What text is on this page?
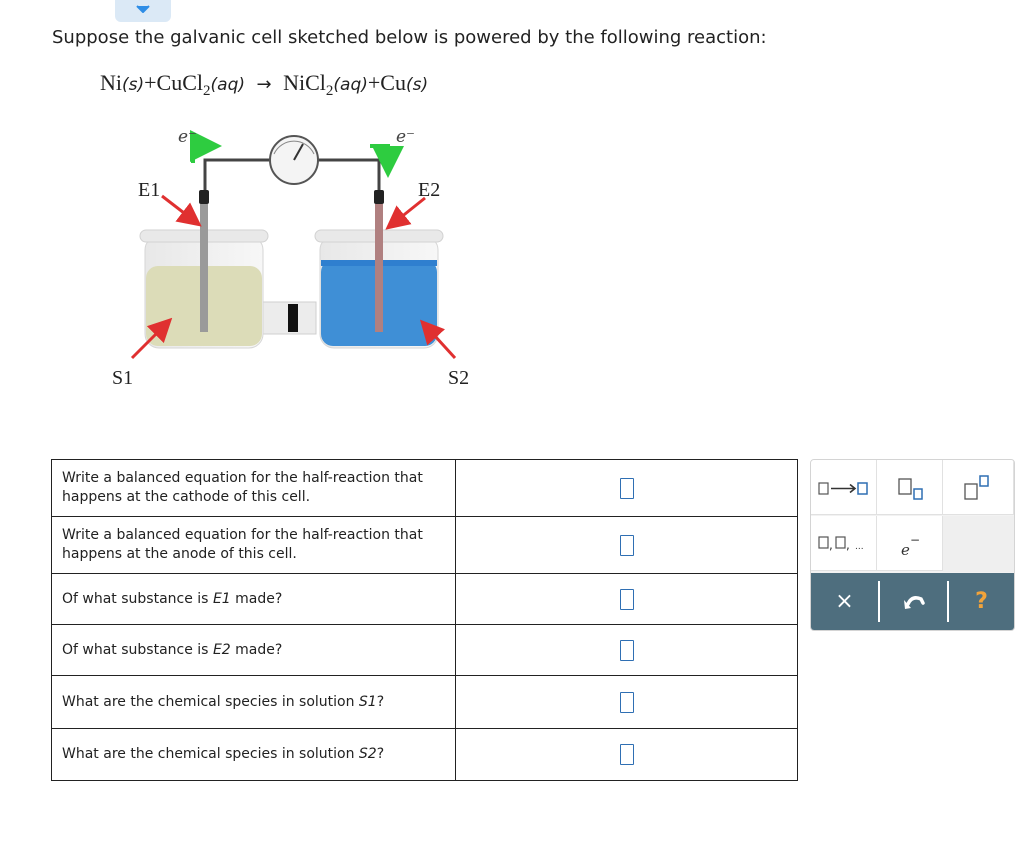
Suppose the galvanic cell sketched below is powered by the following reaction:
Ni(s)+CuCl$_2$(aq) → NiCl$_2$(aq)+Cu(s)
e⁻	e⁻
E1	E2
S1	S2
Write a balanced equation for the half-reaction that happens at the cathode of this cell.	
Write a balanced equation for the half-reaction that happens at the anode of this cell.	
Of what substance is E1 made?	
Of what substance is E2 made?	
What are the chemical species in solution S1?	
What are the chemical species in solution S2?	
, , ... e
−
×	?
